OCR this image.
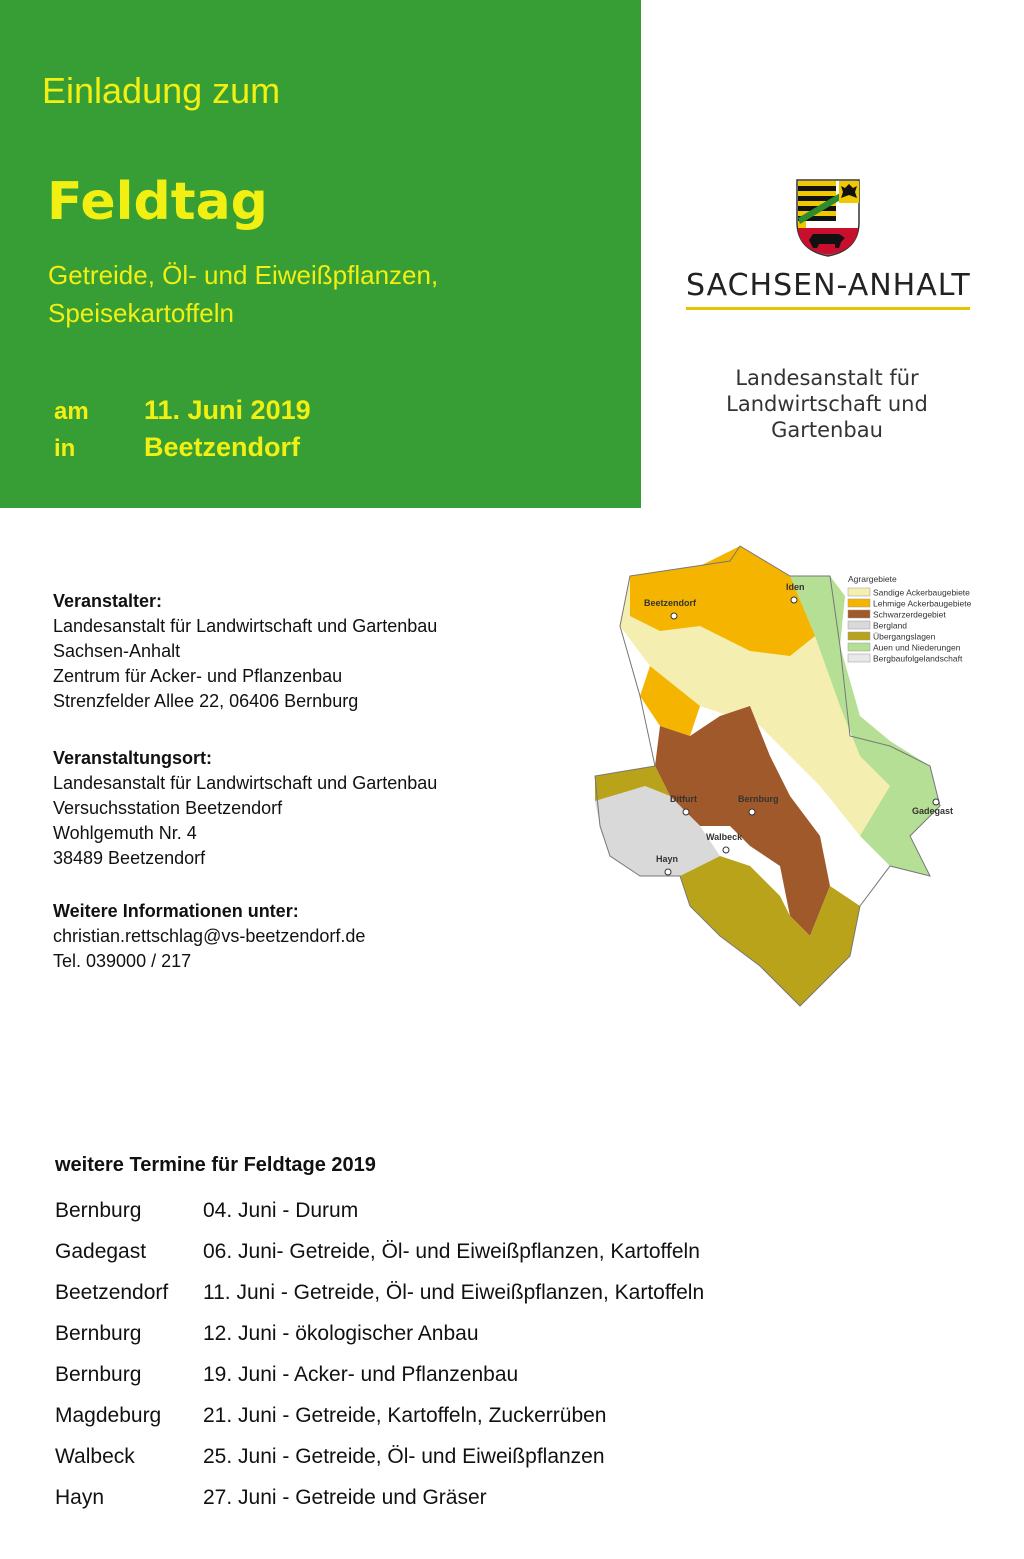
Einladung zum
Feldtag
Getreide, Öl- und Eiweißpflanzen,
Speisekartoffeln
am 11. Juni 2019
in	Beetzendorf
SACHSEN-ANHALT
Landesanstalt für
Landwirtschaft und
Gartenbau
Veranstalter:
Landesanstalt für Landwirtschaft und Gartenbau
Sachsen-Anhalt
Zentrum für Acker- und Pflanzenbau
Strenzfelder Allee 22, 06406 Bernburg
Veranstaltungsort:
Landesanstalt für Landwirtschaft und Gartenbau
Versuchsstation Beetzendorf
Wohlgemuth Nr. 4
38489 Beetzendorf
Weitere Informationen unter:
christian.rettschlag@vs-beetzendorf.de
Tel. 039000 / 217
Agrargebiete
Sandige Ackerbaugebiete
Lehmige Ackerbaugebiete
Schwarzerdegebiet
Bergland
Übergangslagen
Auen und Niederungen
Bergbaufolgelandschaft
Iden
Beetzendorf
Ditfurt	Bernburg
Walbeck
Hayn
Gadegast
weitere Termine für Feldtage 2019
Bernburg	04. Juni - Durum
Gadegast	06. Juni- Getreide, Öl- und Eiweißpflanzen, Kartoffeln
Beetzendorf	11. Juni - Getreide, Öl- und Eiweißpflanzen, Kartoffeln
Bernburg	12. Juni - ökologischer Anbau
Bernburg	19. Juni - Acker- und Pflanzenbau
Magdeburg	21. Juni - Getreide, Kartoffeln, Zuckerrüben
Walbeck	25. Juni - Getreide, Öl- und Eiweißpflanzen
Hayn	27. Juni - Getreide und Gräser
